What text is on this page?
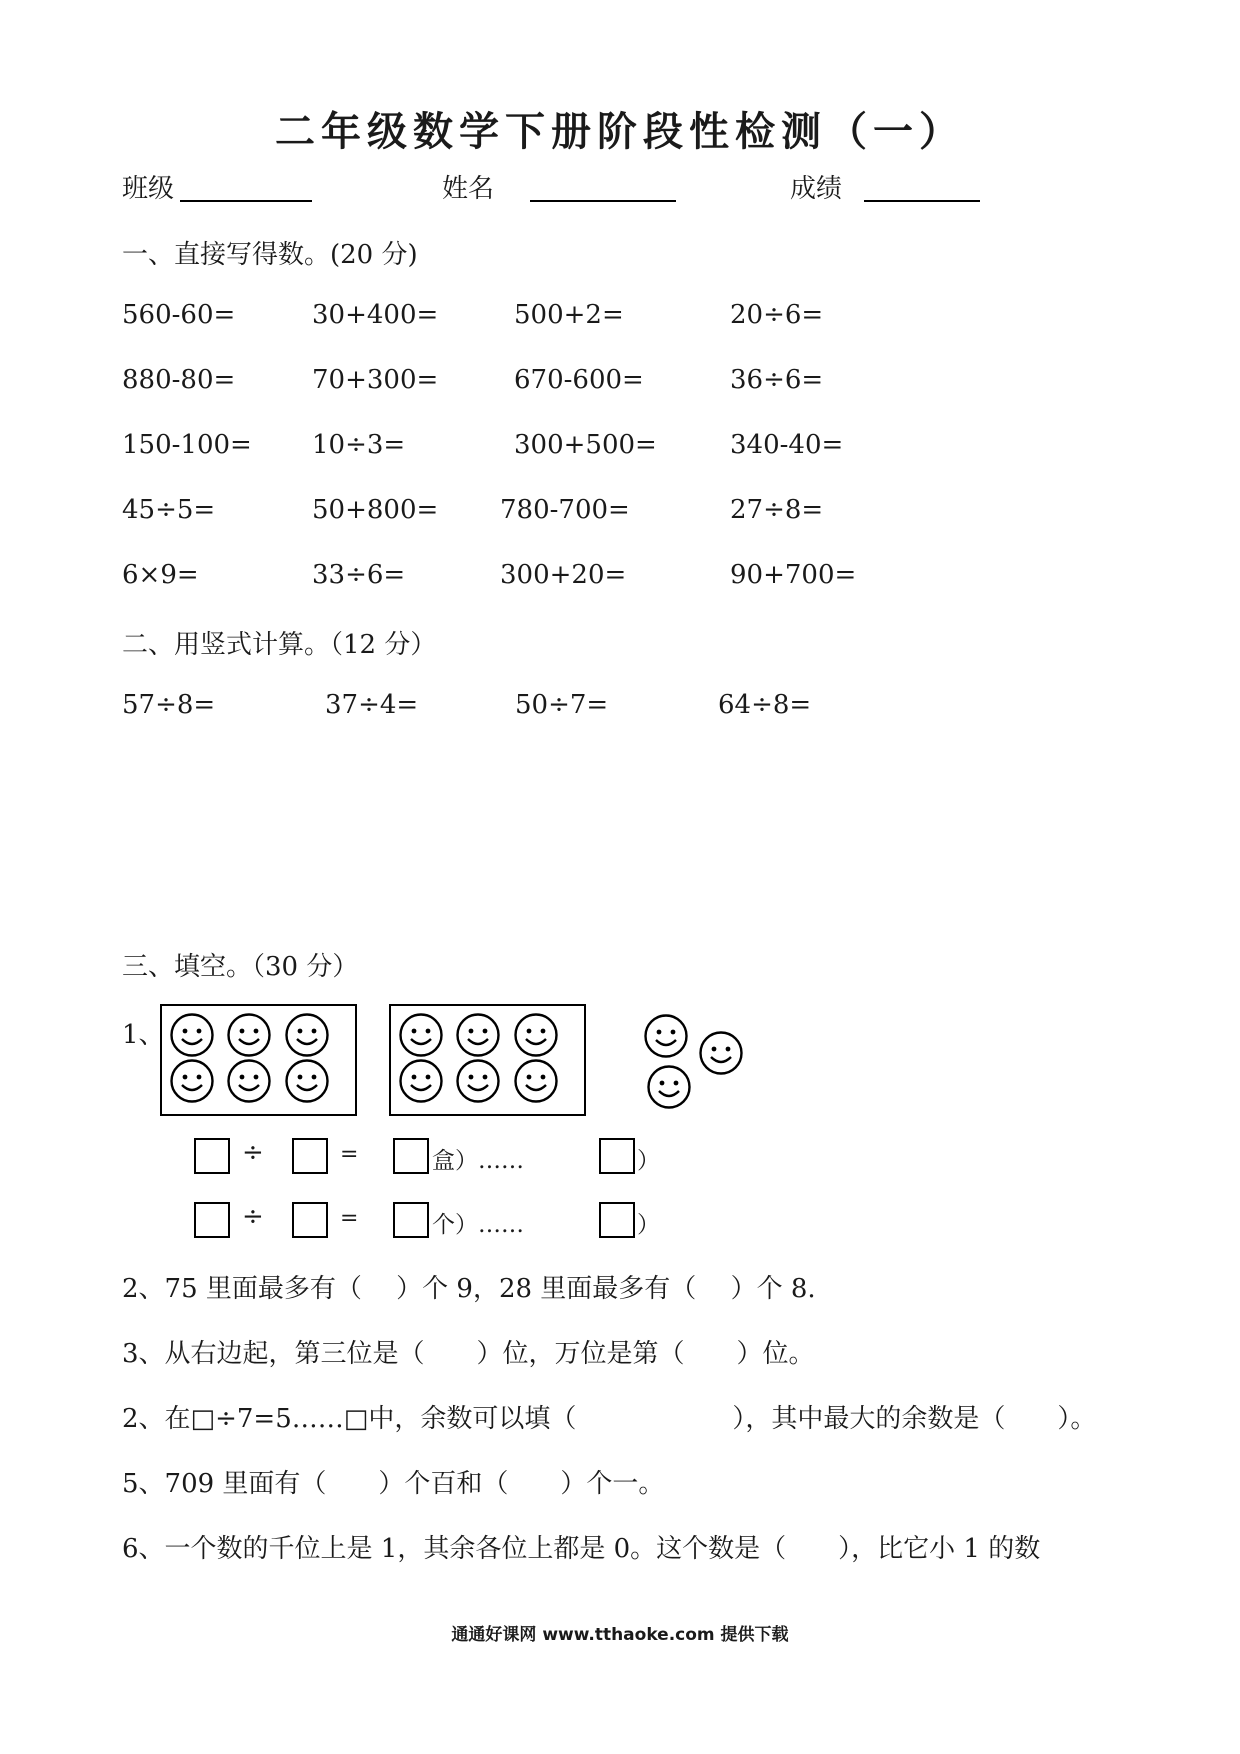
二年级数学下册阶段性检测（一）
班级	姓名	成绩
一、直接写得数。(20 分)
560-60=	30+400=	500+2=	20÷6=
880-80=	70+300=	670-600=	36÷6=
150-100= 10÷3=	300+500=	340-40=
45÷5=	50+800= 780-700=	27÷8=
6×9=	33÷6=	300+20=	90+700=
二、用竖式计算。（12 分）
57÷8=	37÷4=	50÷7=	64÷8=
三、填空。（30 分）
1、
÷	=	盒）……	）
÷	=	个）……	）
2、75 里面最多有（　 ）个 9，28 里面最多有（　 ）个 8.
3、从右边起，第三位是（　　）位，万位是第（　　）位。
2、在□÷7=5……□中，余数可以填（　　　　　　），其中最大的余数是（　　）。
5、709 里面有（　　）个百和（　　）个一。
6、一个数的千位上是 1，其余各位上都是 0。这个数是（　　），比它小 1 的数
通通好课网 www.tthaoke.com 提供下载
